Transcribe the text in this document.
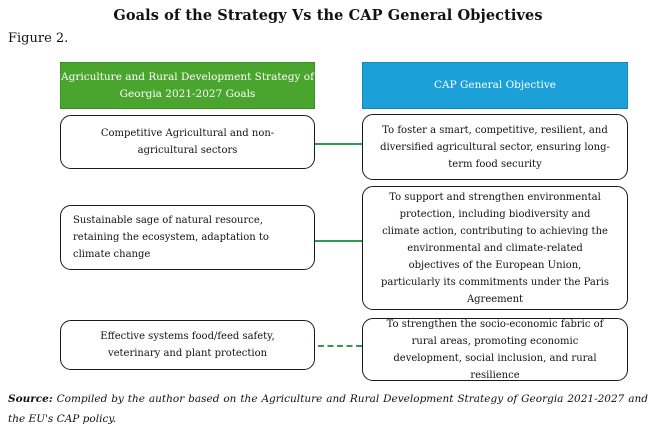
Goals of the Strategy Vs the CAP General Objectives
Figure 2.
Agriculture and Rural Development Strategy of Georgia 2021-2027 Goals
CAP General Objective
Competitive Agricultural and non-agricultural sectors
To foster a smart, competitive, resilient, and diversified agricultural sector, ensuring long-term food security
Sustainable sage of natural resource, retaining the ecosystem, adaptation to climate change
To support and strengthen environmental protection, including biodiversity and climate action, contributing to achieving the environmental and climate-related objectives of the European Union, particularly its commitments under the Paris Agreement
Effective systems food/feed safety, veterinary and plant protection
To strengthen the socio-economic fabric of rural areas, promoting economic development, social inclusion, and rural resilience
Source: Compiled by the author based on the Agriculture and Rural Development Strategy of Georgia 2021-2027 and the EU's CAP policy.
